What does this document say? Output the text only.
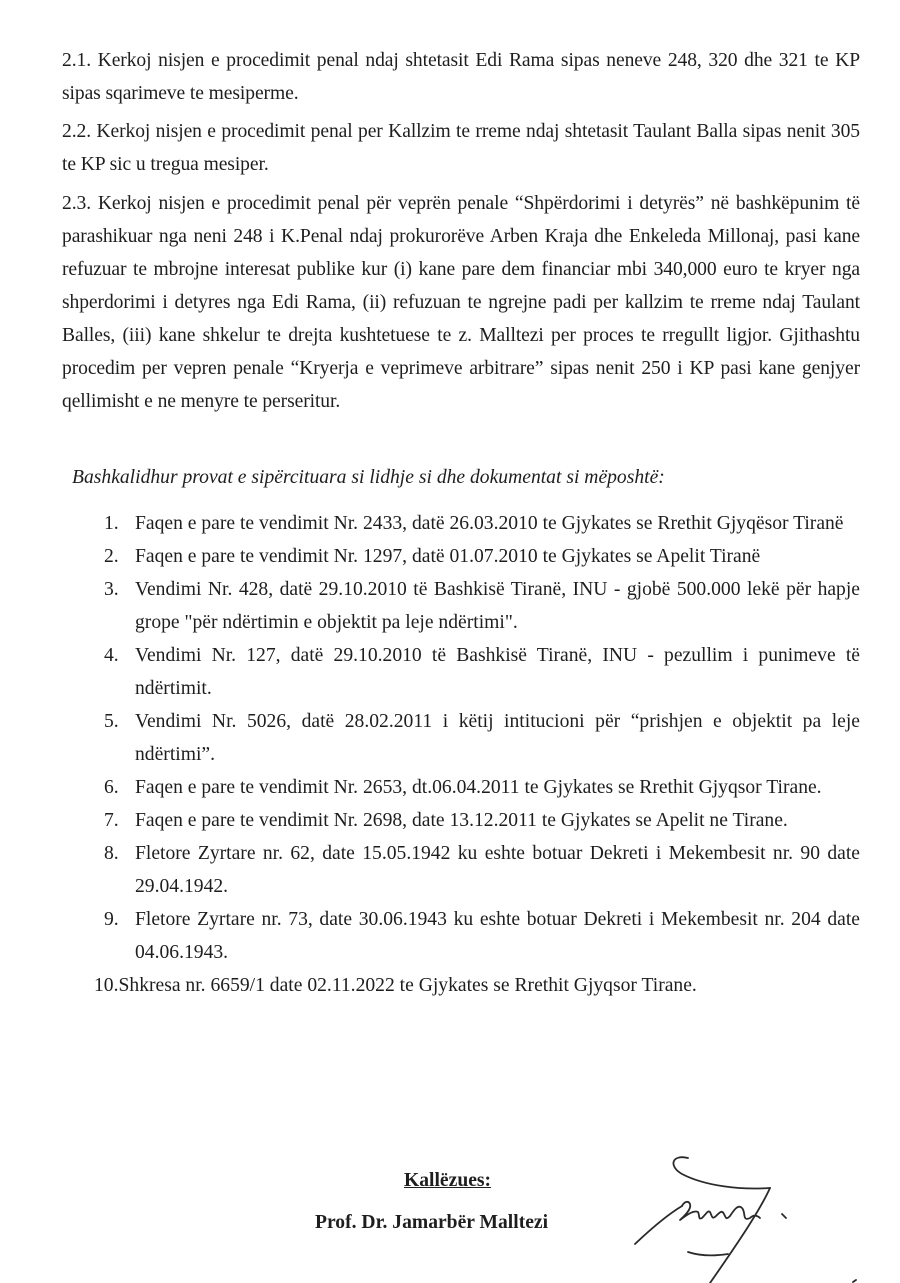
2.1. Kerkoj nisjen e procedimit penal ndaj shtetasit Edi Rama sipas neneve 248, 320 dhe 321 te KP sipas sqarimeve te mesiperme.

2.2. Kerkoj nisjen e procedimit penal per Kallzim te rreme ndaj shtetasit Taulant Balla sipas nenit 305 te KP sic u tregua mesiper.

2.3. Kerkoj nisjen e procedimit penal për veprën penale “Shpërdorimi i detyrës” në bashkëpunim të parashikuar nga neni 248 i K.Penal ndaj prokurorëve Arben Kraja dhe Enkeleda Millonaj, pasi kane refuzuar te mbrojne interesat publike kur (i) kane pare dem financiar mbi 340,000 euro te kryer nga shperdorimi i detyres nga Edi Rama, (ii) refuzuan te ngrejne padi per kallzim te rreme ndaj Taulant Balles, (iii) kane shkelur te drejta kushtetuese te z. Malltezi per proces te rregullt ligjor. Gjithashtu procedim per vepren penale “Kryerja e veprimeve arbitrare” sipas nenit 250 i KP pasi kane genjyer qellimisht e ne menyre te perseritur.

Bashkalidhur provat e sipërcituara si lidhje si dhe dokumentat si mëposhtë:
1. Faqen e pare te vendimit Nr. 2433, datë 26.03.2010 te Gjykates se Rrethit Gjyqësor Tiranë
2. Faqen e pare te vendimit Nr. 1297, datë 01.07.2010 te Gjykates se Apelit Tiranë
3. Vendimi Nr. 428, datë 29.10.2010 të Bashkisë Tiranë, INU - gjobë 500.000 lekë për hapje grope "për ndërtimin e objektit pa leje ndërtimi".
4. Vendimi Nr. 127, datë 29.10.2010 të Bashkisë Tiranë, INU - pezullim i punimeve të ndërtimit.
5. Vendimi Nr. 5026, datë 28.02.2011 i këtij intitucioni për “prishjen e objektit pa leje ndërtimi”.
6. Faqen e pare te vendimit Nr. 2653, dt.06.04.2011 te Gjykates se Rrethit Gjyqsor Tirane.
7. Faqen e pare te vendimit Nr. 2698, date 13.12.2011 te Gjykates se Apelit ne Tirane.
8. Fletore Zyrtare nr. 62, date 15.05.1942 ku eshte botuar Dekreti i Mekembesit nr. 90 date 29.04.1942.
9. Fletore Zyrtare nr. 73, date 30.06.1943 ku eshte botuar Dekreti i Mekembesit nr. 204 date 04.06.1943.
10.Shkresa nr. 6659/1 date 02.11.2022 te Gjykates se Rrethit Gjyqsor Tirane.
Kallëzues:
Prof. Dr. Jamarbër Malltezi
